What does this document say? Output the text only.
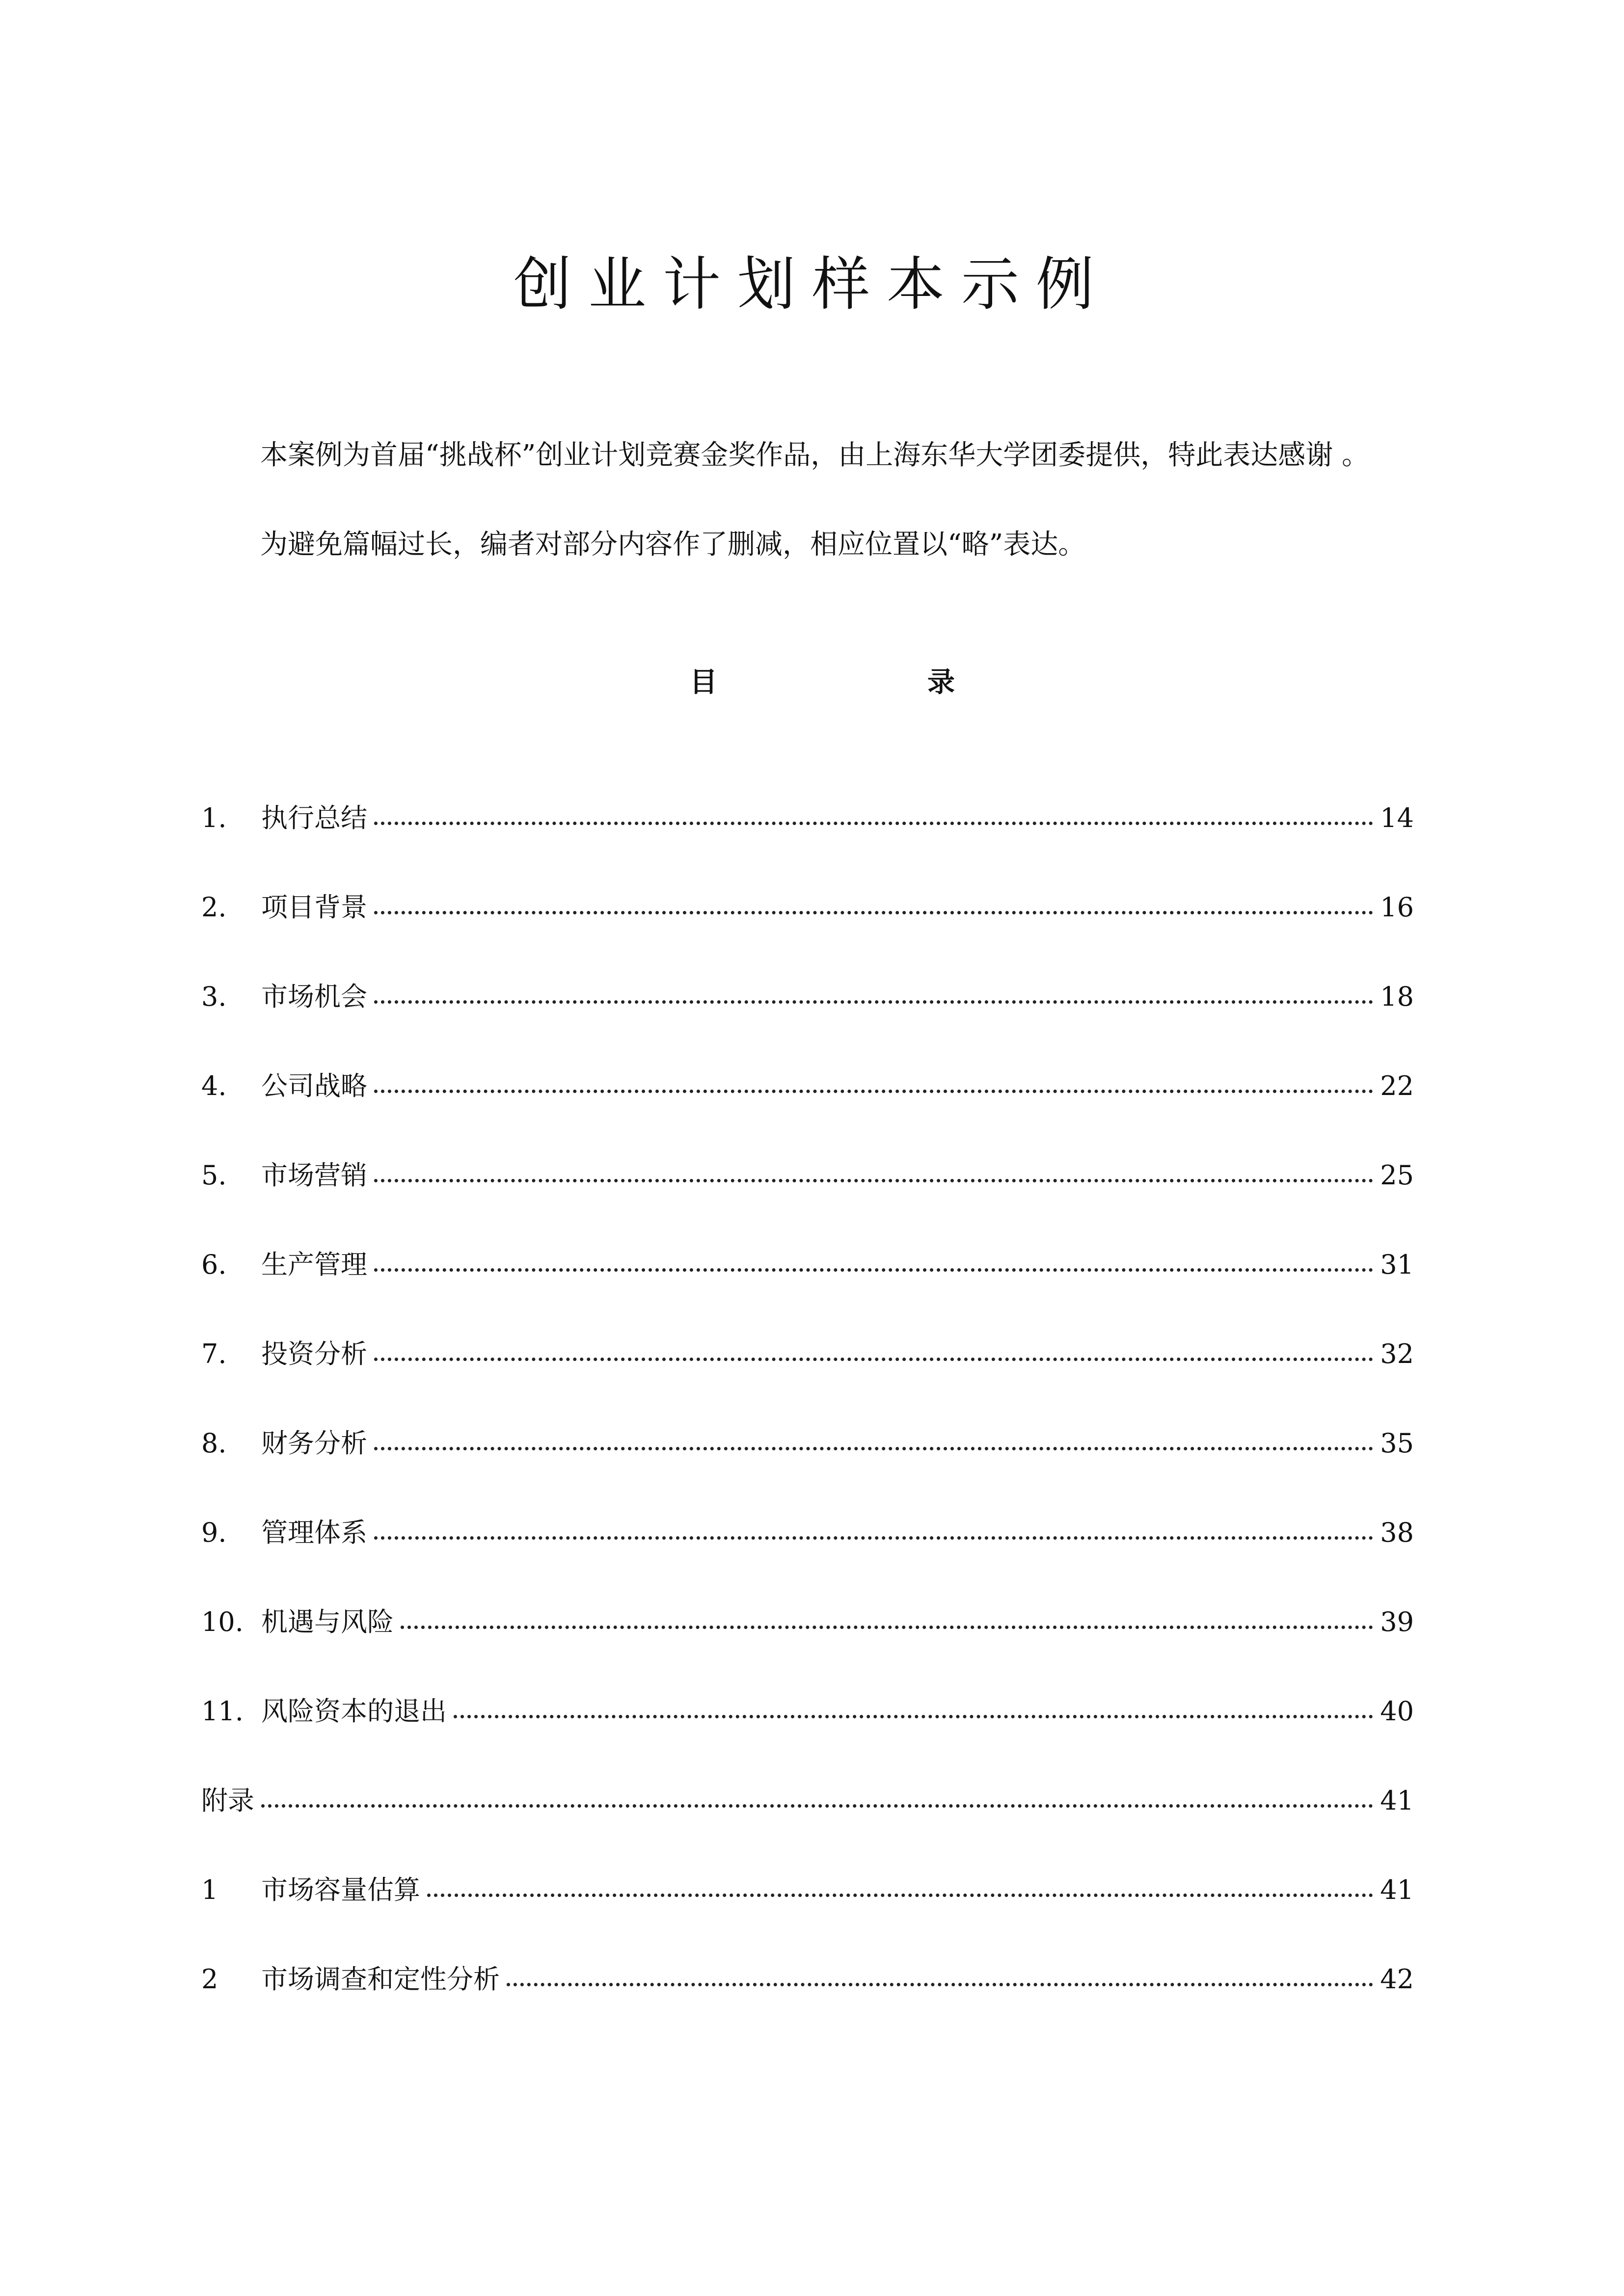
创业计划样本示例

本案例为首届“挑战杯”创业计划竞赛金奖作品，由上海东华大学团委提供，特此表达感谢 。

为避免篇幅过长，编者对部分内容作了删减，相应位置以“略”表达。

目	录
1.	执行总结	14
2.	项目背景	16
3.	市场机会	18
4.	公司战略	22
5.	市场营销	25
6.	生产管理	31
7.	投资分析	32
8.	财务分析	35
9.	管理体系	38
10. 机遇与风险	39
11. 风险资本的退出	40
附录	41
1	市场容量估算	41
2	市场调查和定性分析	42
